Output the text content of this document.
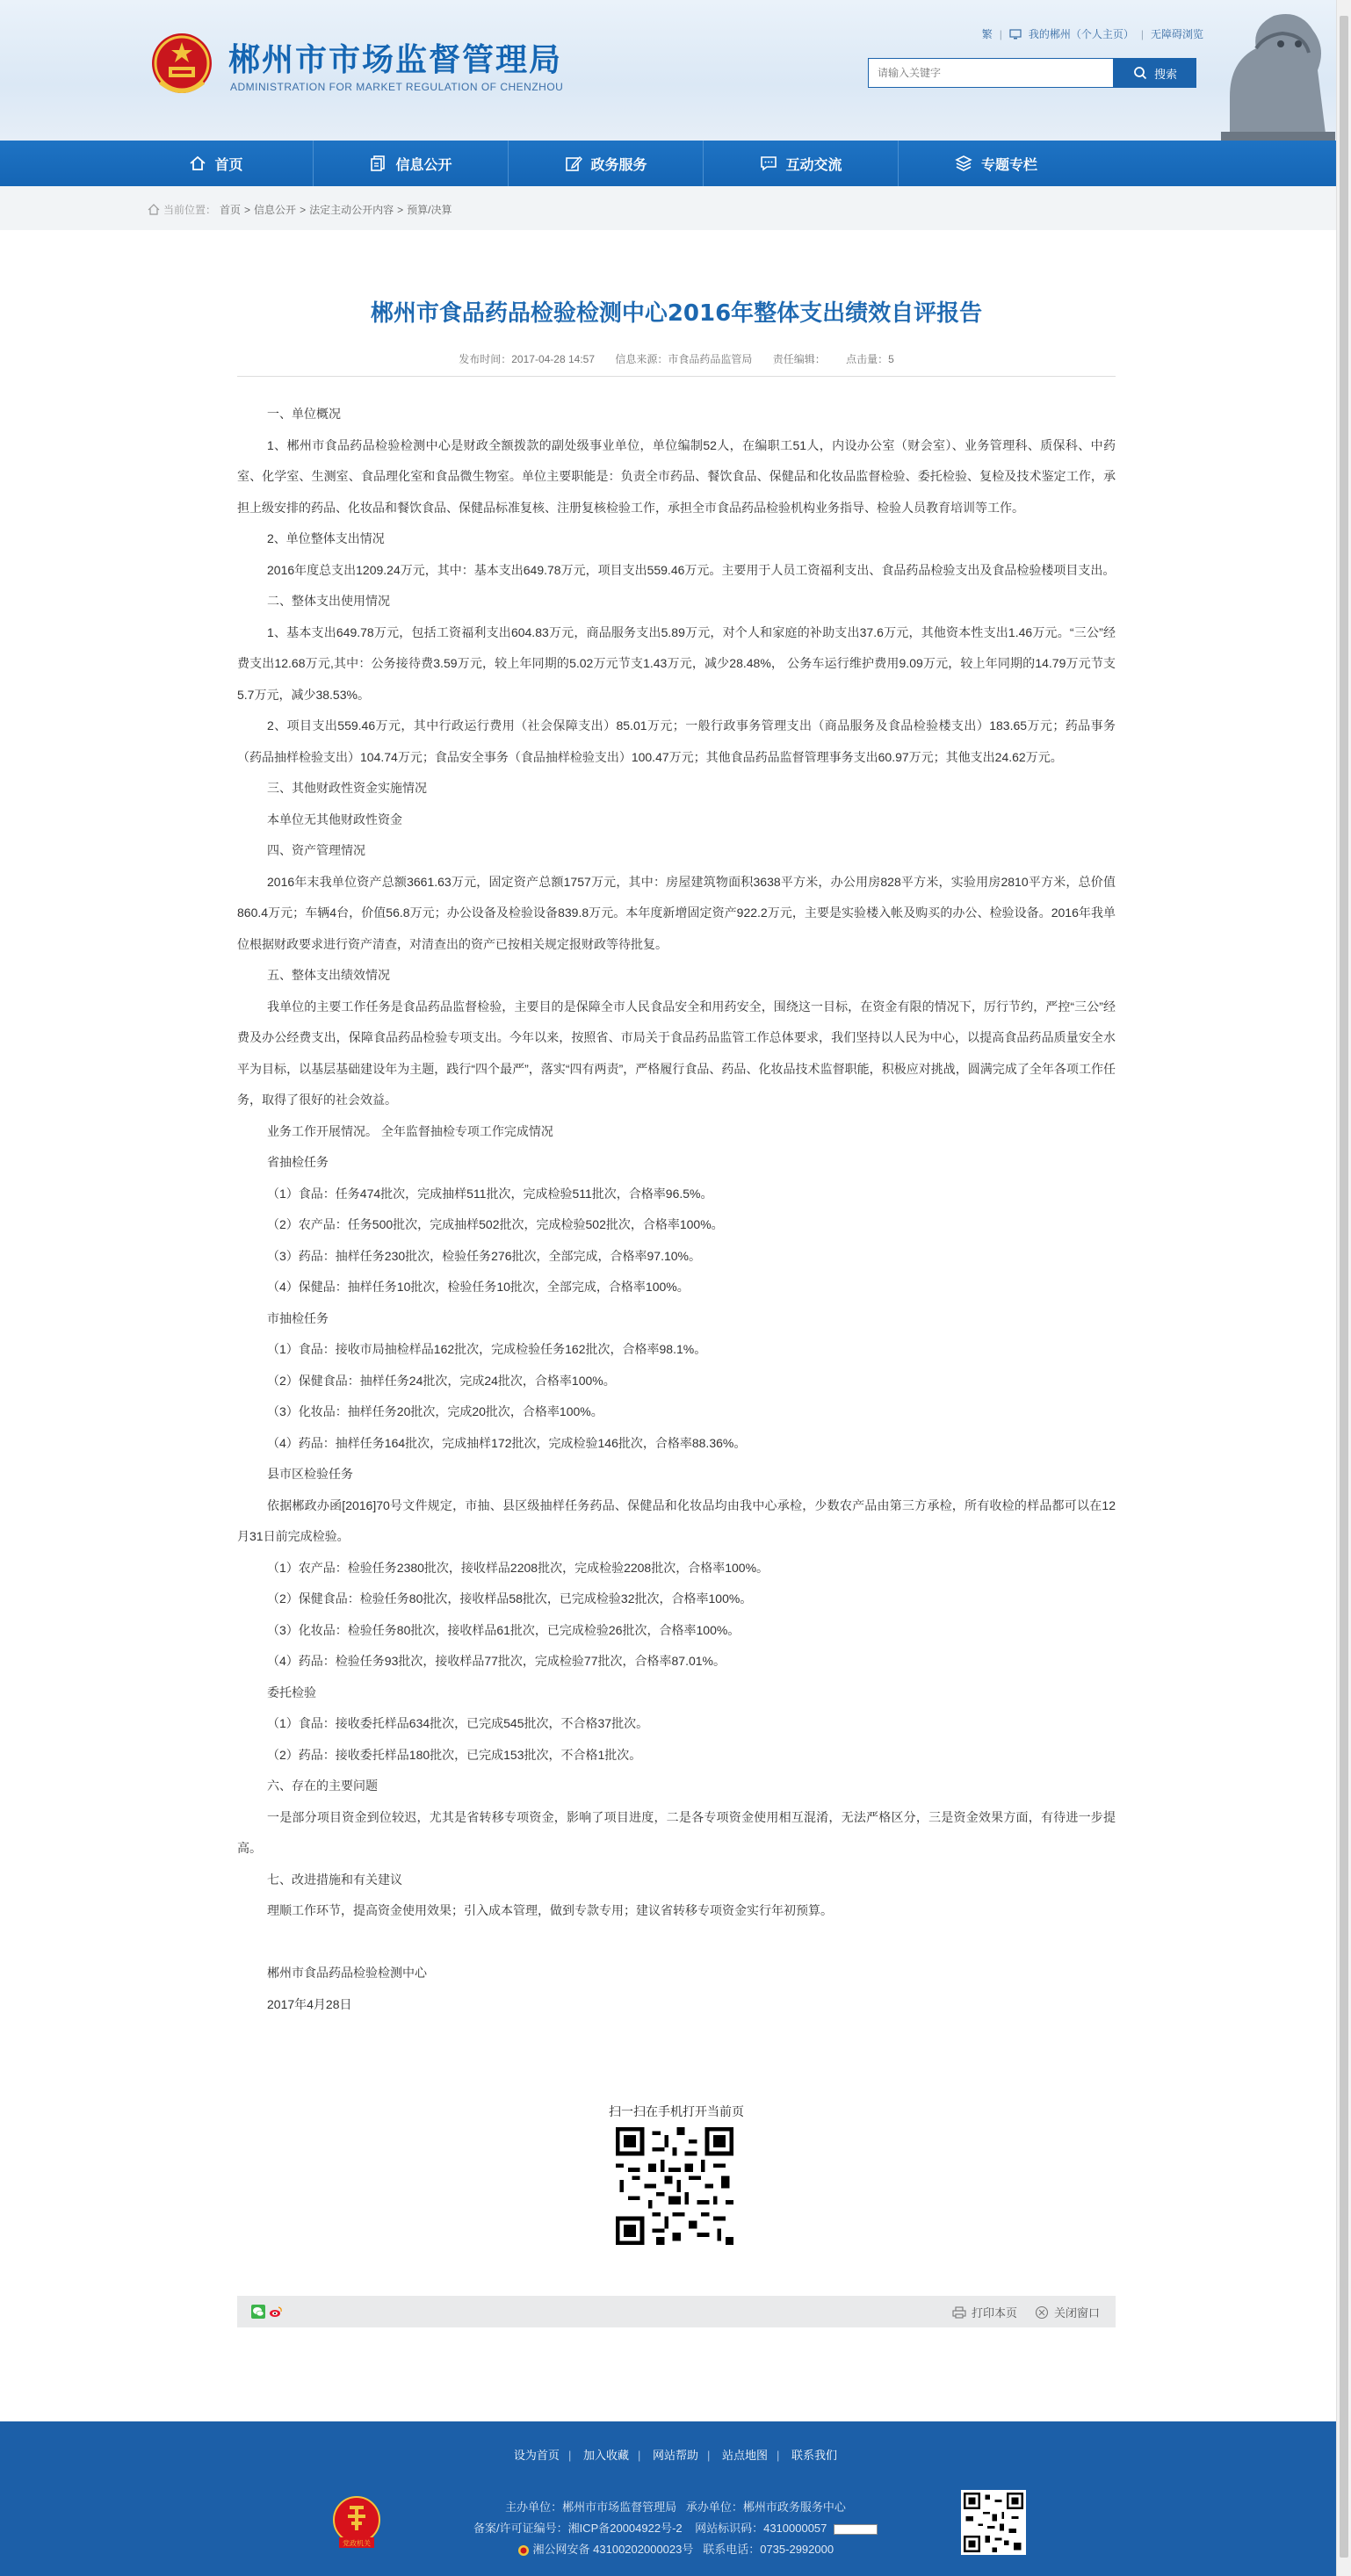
郴州市市场监督管理局
ADMINISTRATION FOR MARKET REGULATION OF CHENZHOU
繁 |	我的郴州（个人主页） | 无障碍浏览
请输入关键字
搜索
首页	信息公开	政务服务	互动交流	专题专栏
当前位置： 首页 > 信息公开 > 法定主动公开内容 > 预算/决算
郴州市食品药品检验检测中心2016年整体支出绩效自评报告
发布时间：2017-04-28 14:57 信息来源：市食品药品监管局 责任编辑： 点击量：5

一、单位概况

1、郴州市食品药品检验检测中心是财政全额拨款的副处级事业单位，单位编制52人，在编职工51人，内设办公室（财会室）、业务管理科、质保科、中药室、化学室、生测室、食品理化室和食品微生物室。单位主要职能是：负责全市药品、餐饮食品、保健品和化妆品监督检验、委托检验、复检及技术鉴定工作，承担上级安排的药品、化妆品和餐饮食品、保健品标准复核、注册复核检验工作，承担全市食品药品检验机构业务指导、检验人员教育培训等工作。

2、单位整体支出情况

2016年度总支出1209.24万元，其中：基本支出649.78万元，项目支出559.46万元。主要用于人员工资福利支出、食品药品检验支出及食品检验楼项目支出。

二、整体支出使用情况

1、基本支出649.78万元，包括工资福利支出604.83万元，商品服务支出5.89万元，对个人和家庭的补助支出37.6万元，其他资本性支出1.46万元。“三公”经费支出12.68万元,其中：公务接待费3.59万元，较上年同期的5.02万元节支1.43万元，减少28.48%， 公务车运行维护费用9.09万元，较上年同期的14.79万元节支5.7万元，减少38.53%。

2、项目支出559.46万元，其中行政运行费用（社会保障支出）85.01万元；一般行政事务管理支出（商品服务及食品检验楼支出）183.65万元；药品事务（药品抽样检验支出）104.74万元；食品安全事务（食品抽样检验支出）100.47万元；其他食品药品监督管理事务支出60.97万元；其他支出24.62万元。

三、其他财政性资金实施情况

本单位无其他财政性资金

四、资产管理情况

2016年末我单位资产总额3661.63万元，固定资产总额1757万元，其中：房屋建筑物面积3638平方米，办公用房828平方米，实验用房2810平方米，总价值860.4万元；车辆4台，价值56.8万元；办公设备及检验设备839.8万元。本年度新增固定资产922.2万元，主要是实验楼入帐及购买的办公、检验设备。2016年我单位根据财政要求进行资产清查，对清查出的资产已按相关规定报财政等待批复。

五、整体支出绩效情况

我单位的主要工作任务是食品药品监督检验，主要目的是保障全市人民食品安全和用药安全，围绕这一目标，在资金有限的情况下，厉行节约，严控“三公”经费及办公经费支出，保障食品药品检验专项支出。今年以来，按照省、市局关于食品药品监管工作总体要求，我们坚持以人民为中心，以提高食品药品质量安全水平为目标，以基层基础建设年为主题，践行“四个最严”，落实“四有两责”，严格履行食品、药品、化妆品技术监督职能，积极应对挑战，圆满完成了全年各项工作任务，取得了很好的社会效益。

业务工作开展情况。 全年监督抽检专项工作完成情况

省抽检任务

（1）食品：任务474批次，完成抽样511批次，完成检验511批次，合格率96.5%。

（2）农产品：任务500批次，完成抽样502批次，完成检验502批次，合格率100%。

（3）药品：抽样任务230批次，检验任务276批次，全部完成，合格率97.10%。

（4）保健品：抽样任务10批次，检验任务10批次，全部完成，合格率100%。

市抽检任务

（1）食品：接收市局抽检样品162批次，完成检验任务162批次，合格率98.1%。

（2）保健食品：抽样任务24批次，完成24批次，合格率100%。

（3）化妆品：抽样任务20批次，完成20批次，合格率100%。

（4）药品：抽样任务164批次，完成抽样172批次，完成检验146批次，合格率88.36%。

县市区检验任务

依据郴政办函[2016]70号文件规定，市抽、县区级抽样任务药品、保健品和化妆品均由我中心承检，少数农产品由第三方承检，所有收检的样品都可以在12月31日前完成检验。

（1）农产品：检验任务2380批次，接收样品2208批次，完成检验2208批次，合格率100%。

（2）保健食品：检验任务80批次，接收样品58批次，已完成检验32批次，合格率100%。

（3）化妆品：检验任务80批次，接收样品61批次，已完成检验26批次，合格率100%。

（4）药品：检验任务93批次，接收样品77批次，完成检验77批次，合格率87.01%。

委托检验

（1）食品：接收委托样品634批次，已完成545批次，不合格37批次。

（2）药品：接收委托样品180批次，已完成153批次，不合格1批次。

六、存在的主要问题

一是部分项目资金到位较迟，尤其是省转移专项资金，影响了项目进度，二是各专项资金使用相互混淆，无法严格区分，三是资金效果方面，有待进一步提高。

七、改进措施和有关建议

理顺工作环节，提高资金使用效果；引入成本管理，做到专款专用；建议省转移专项资金实行年初预算。

郴州市食品药品检验检测中心

2017年4月28日

扫一扫在手机打开当前页
打印本页	关闭窗口
设为首页 | 加入收藏 | 网站帮助 | 站点地图 | 联系我们
党政机关
主办单位：郴州市市场监督管理局 承办单位：郴州市政务服务中心
备案/许可证编号：湘ICP备20004922号-2 网站标识码：4310000057
湘公网安备 43100202000023号 联系电话：0735-2992000
